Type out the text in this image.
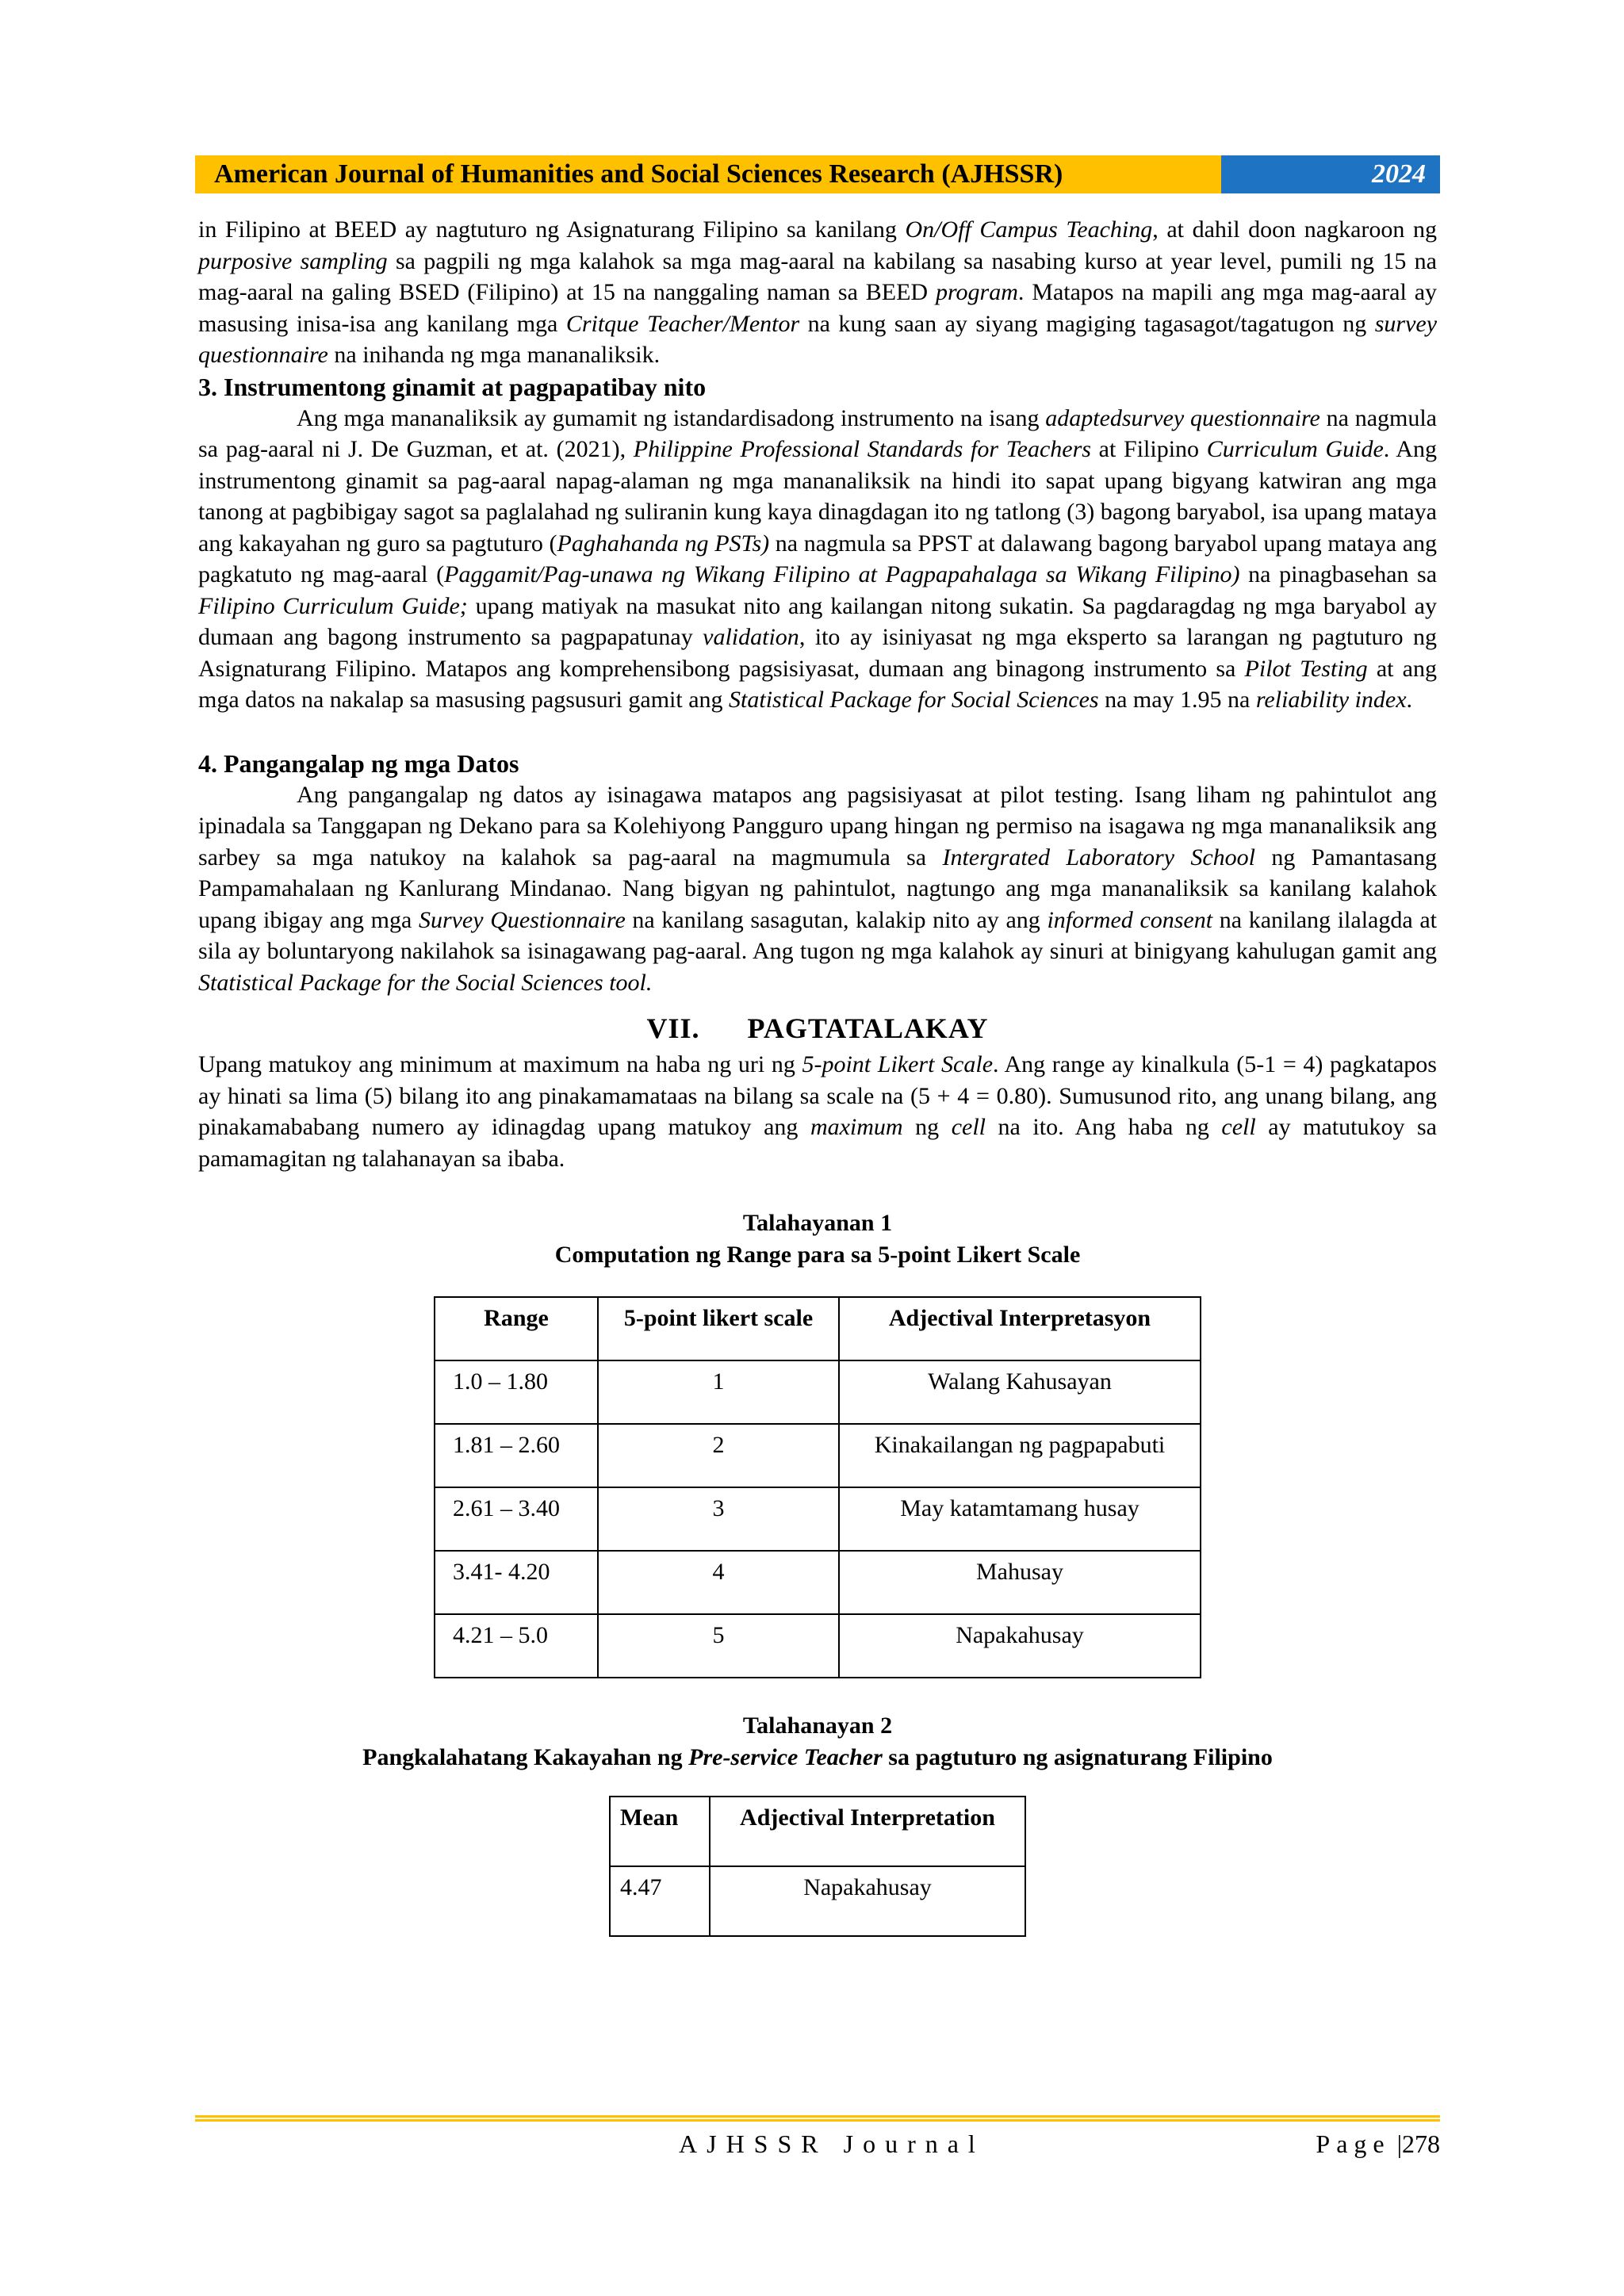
American Journal of Humanities and Social Sciences Research (AJHSSR)	2024

in Filipino at BEED ay nagtuturo ng Asignaturang Filipino sa kanilang On/Off Campus Teaching, at dahil doon nagkaroon ng purposive sampling sa pagpili ng mga kalahok sa mga mag-aaral na kabilang sa nasabing kurso at year level, pumili ng 15 na mag-aaral na galing BSED (Filipino) at 15 na nanggaling naman sa BEED program. Matapos na mapili ang mga mag-aaral ay masusing inisa-isa ang kanilang mga Critque Teacher/Mentor na kung saan ay siyang magiging tagasagot/tagatugon ng survey questionnaire na inihanda ng mga mananaliksik.

3. Instrumentong ginamit at pagpapatibay nito

Ang mga mananaliksik ay gumamit ng istandardisadong instrumento na isang adaptedsurvey questionnaire na nagmula sa pag-aaral ni J. De Guzman, et at. (2021), Philippine Professional Standards for Teachers at Filipino Curriculum Guide. Ang instrumentong ginamit sa pag-aaral napag-alaman ng mga mananaliksik na hindi ito sapat upang bigyang katwiran ang mga tanong at pagbibigay sagot sa paglalahad ng suliranin kung kaya dinagdagan ito ng tatlong (3) bagong baryabol, isa upang mataya ang kakayahan ng guro sa pagtuturo (Paghahanda ng PSTs) na nagmula sa PPST at dalawang bagong baryabol upang mataya ang pagkatuto ng mag-aaral (Paggamit/Pag-unawa ng Wikang Filipino at Pagpapahalaga sa Wikang Filipino) na pinagbasehan sa Filipino Curriculum Guide; upang matiyak na masukat nito ang kailangan nitong sukatin. Sa pagdaragdag ng mga baryabol ay dumaan ang bagong instrumento sa pagpapatunay validation, ito ay isiniyasat ng mga eksperto sa larangan ng pagtuturo ng Asignaturang Filipino. Matapos ang komprehensibong pagsisiyasat, dumaan ang binagong instrumento sa Pilot Testing at ang mga datos na nakalap sa masusing pagsusuri gamit ang Statistical Package for Social Sciences na may 1.95 na reliability index.

4. Pangangalap ng mga Datos

Ang pangangalap ng datos ay isinagawa matapos ang pagsisiyasat at pilot testing. Isang liham ng pahintulot ang ipinadala sa Tanggapan ng Dekano para sa Kolehiyong Pangguro upang hingan ng permiso na isagawa ng mga mananaliksik ang sarbey sa mga natukoy na kalahok sa pag-aaral na magmumula sa Intergrated Laboratory School ng Pamantasang Pampamahalaan ng Kanlurang Mindanao. Nang bigyan ng pahintulot, nagtungo ang mga mananaliksik sa kanilang kalahok upang ibigay ang mga Survey Questionnaire na kanilang sasagutan, kalakip nito ay ang informed consent na kanilang ilalagda at sila ay boluntaryong nakilahok sa isinagawang pag-aaral. Ang tugon ng mga kalahok ay sinuri at binigyang kahulugan gamit ang Statistical Package for the Social Sciences tool.

VII. PAGTATALAKAY

Upang matukoy ang minimum at maximum na haba ng uri ng 5-point Likert Scale. Ang range ay kinalkula (5-1 = 4) pagkatapos ay hinati sa lima (5) bilang ito ang pinakamamataas na bilang sa scale na (5 + 4 = 0.80). Sumusunod rito, ang unang bilang, ang pinakamababang numero ay idinagdag upang matukoy ang maximum ng cell na ito. Ang haba ng cell ay matutukoy sa pamamagitan ng talahanayan sa ibaba.

Talahayanan 1
Computation ng Range para sa 5-point Likert Scale
Range	5-point likert scale	Adjectival Interpretasyon
1.0 – 1.80	1	Walang Kahusayan
1.81 – 2.60	2	Kinakailangan ng pagpapabuti
2.61 – 3.40	3	May katamtamang husay
3.41- 4.20	4	Mahusay
4.21 – 5.0	5	Napakahusay
Talahanayan 2
Pangkalahatang Kakayahan ng Pre-service Teacher sa pagtuturo ng asignaturang Filipino
Mean	Adjectival Interpretation
4.47	Napakahusay
AJHSSR Journal	Page |278
